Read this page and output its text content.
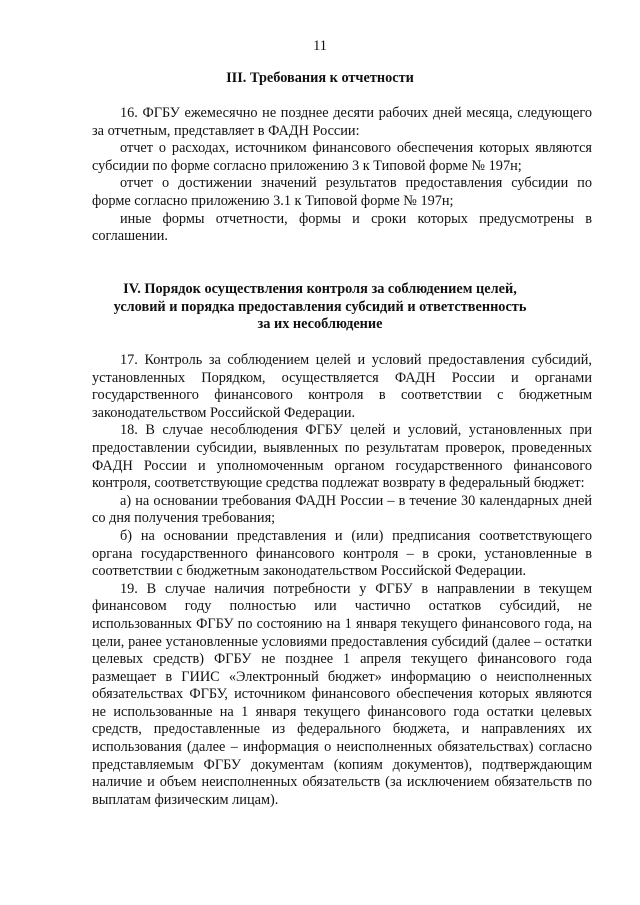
11
III. Требования к отчетности

16. ФГБУ ежемесячно не позднее десяти рабочих дней месяца, следующего за отчетным, представляет в ФАДН России:

отчет о расходах, источником финансового обеспечения которых являются субсидии по форме согласно приложению 3 к Типовой форме № 197н;

отчет о достижении значений результатов предоставления субсидии по форме согласно приложению 3.1 к Типовой форме № 197н;

иные формы отчетности, формы и сроки которых предусмотрены в соглашении.

IV. Порядок осуществления контроля за соблюдением целей,
условий и порядка предоставления субсидий и ответственность
за их несоблюдение

17. Контроль за соблюдением целей и условий предоставления субсидий, установленных Порядком, осуществляется ФАДН России и органами государственного финансового контроля в соответствии с бюджетным законодательством Российской Федерации.

18. В случае несоблюдения ФГБУ целей и условий, установленных при предоставлении субсидии, выявленных по результатам проверок, проведенных ФАДН России и уполномоченным органом государственного финансового контроля, соответствующие средства подлежат возврату в федеральный бюджет:

а) на основании требования ФАДН России – в течение 30 календарных дней со дня получения требования;

б) на основании представления и (или) предписания соответствующего органа государственного финансового контроля – в сроки, установленные в соответствии с бюджетным законодательством Российской Федерации.

19. В случае наличия потребности у ФГБУ в направлении в текущем финансовом году полностью или частично остатков субсидий, не использованных ФГБУ по состоянию на 1 января текущего финансового года, на цели, ранее установленные условиями предоставления субсидий (далее – остатки целевых средств) ФГБУ не позднее 1 апреля текущего финансового года размещает в ГИИС «Электронный бюджет» информацию о неисполненных обязательствах ФГБУ, источником финансового обеспечения которых являются не использованные на 1 января текущего финансового года остатки целевых средств, предоставленные из федерального бюджета, и направлениях их использования (далее – информация о неисполненных обязательствах) согласно представляемым ФГБУ документам (копиям документов), подтверждающим наличие и объем неисполненных обязательств (за исключением обязательств по выплатам физическим лицам).
